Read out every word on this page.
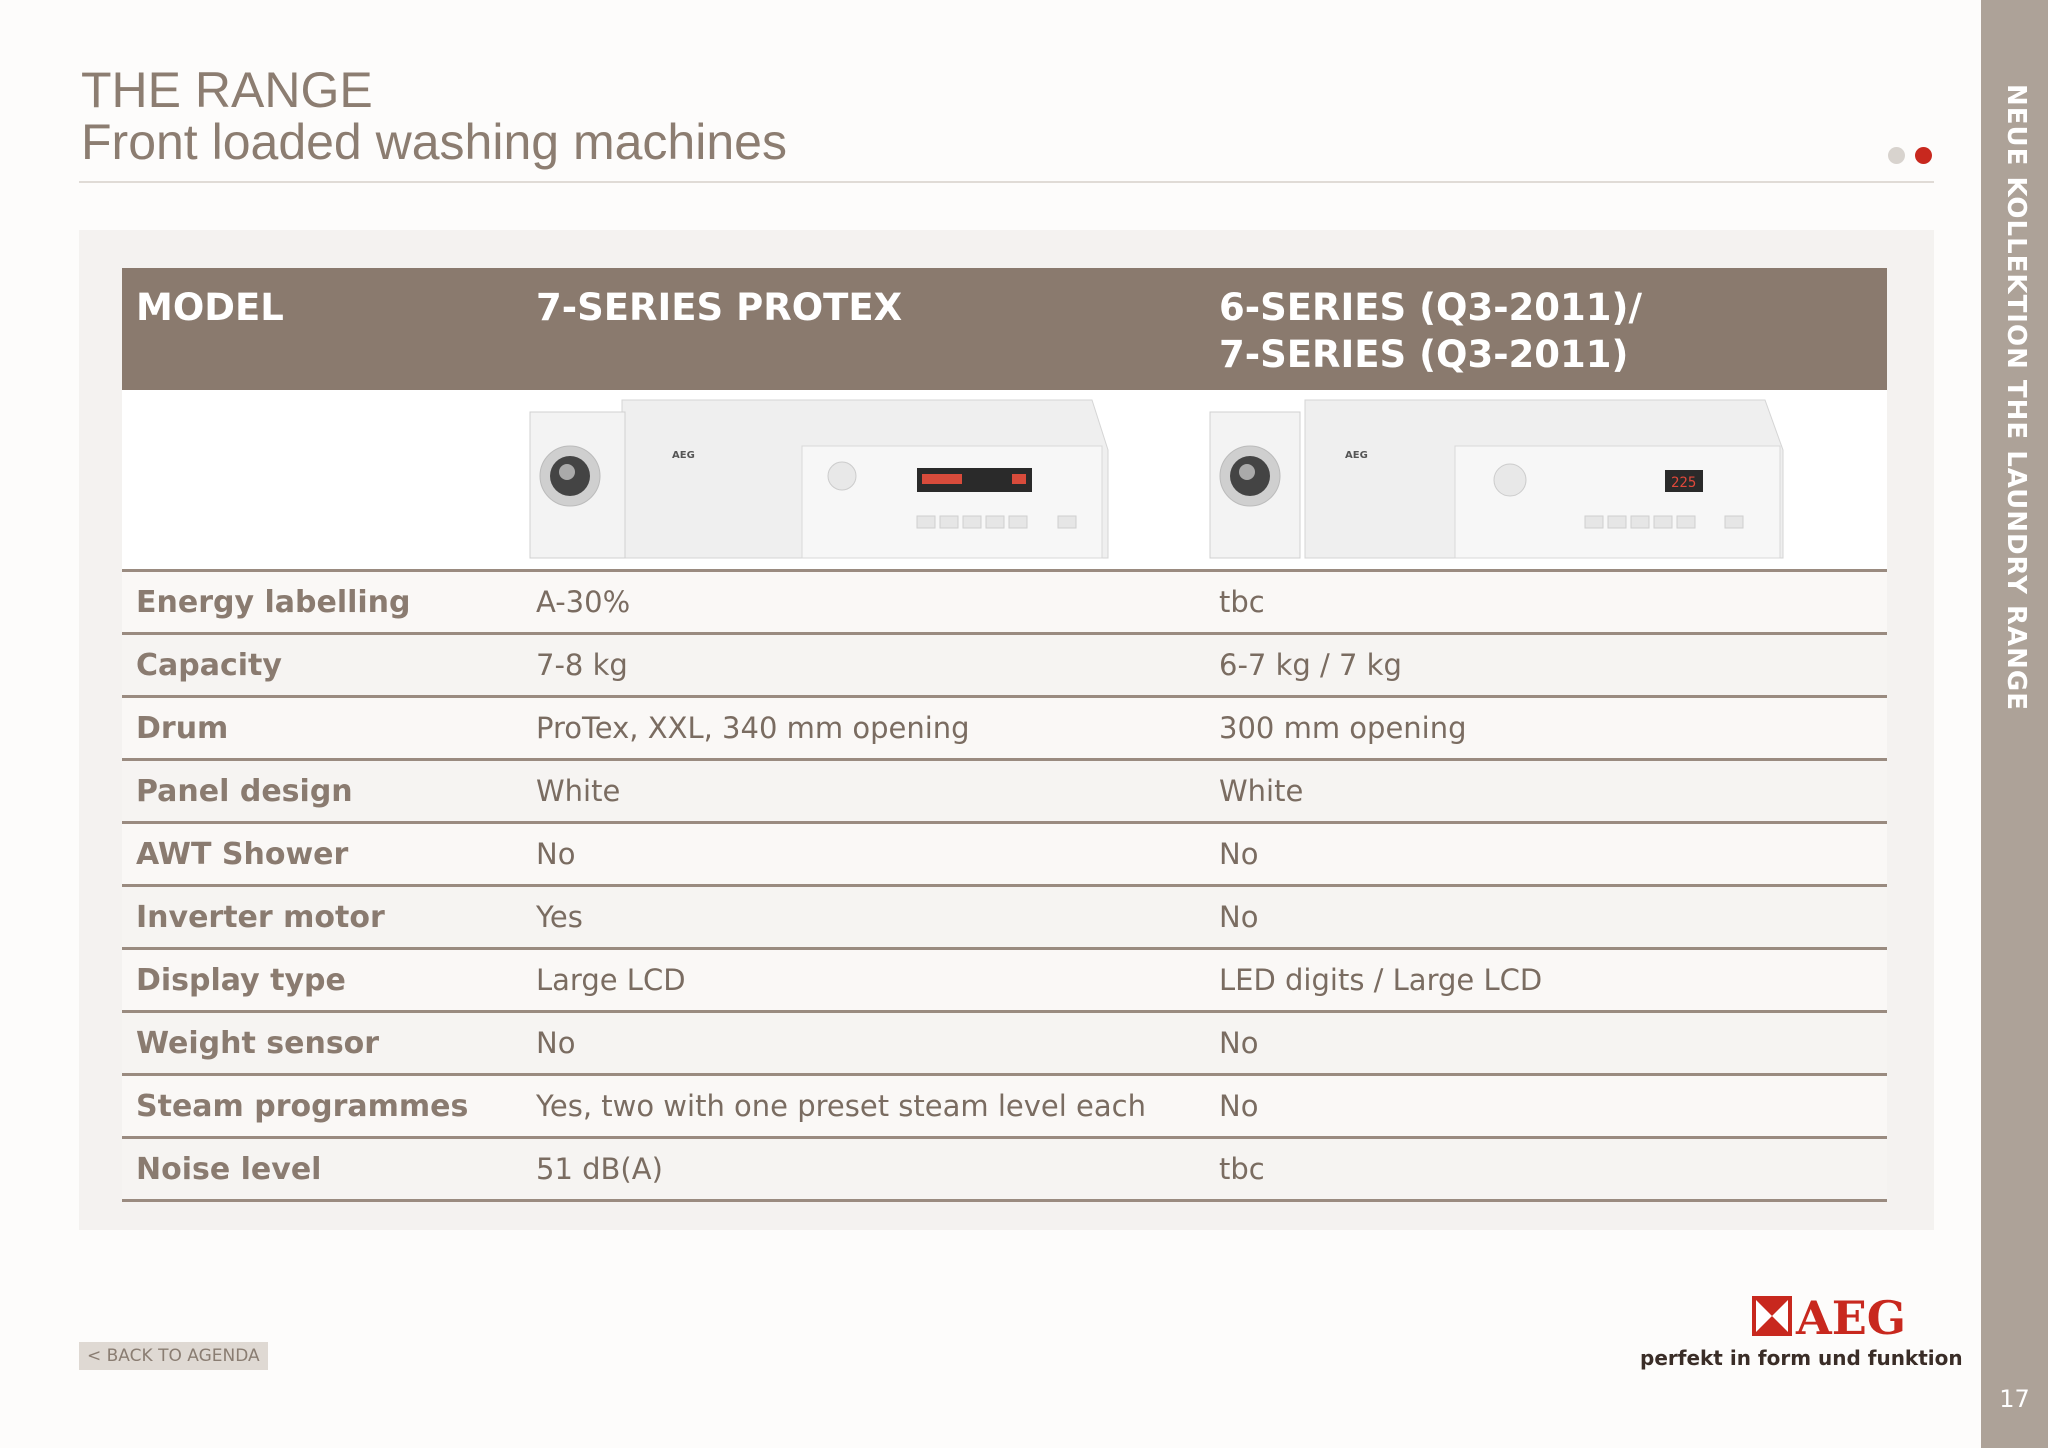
THE RANGE
Front loaded washing machines	NEUE KOLLEKTION THE LAUNDRY RANGE
17
MODEL	7-SERIES PROTEX	6-SERIES (Q3-2011)/
7-SERIES (Q3-2011)

AEG	225
AEG

Energy labelling	A-30%	tbc
Capacity	7-8 kg	6-7 kg / 7 kg
Drum	ProTex, XXL, 340 mm opening	300 mm opening
Panel design	White	White
AWT Shower	No	No
Inverter motor	Yes	No
Display type	Large LCD	LED digits / Large LCD
Weight sensor	No	No
Steam programmes	Yes, two with one preset steam level each	No
Noise level	51 dB(A)	tbc
< BACK TO AGENDA
AEG
perfekt in form und funktion
